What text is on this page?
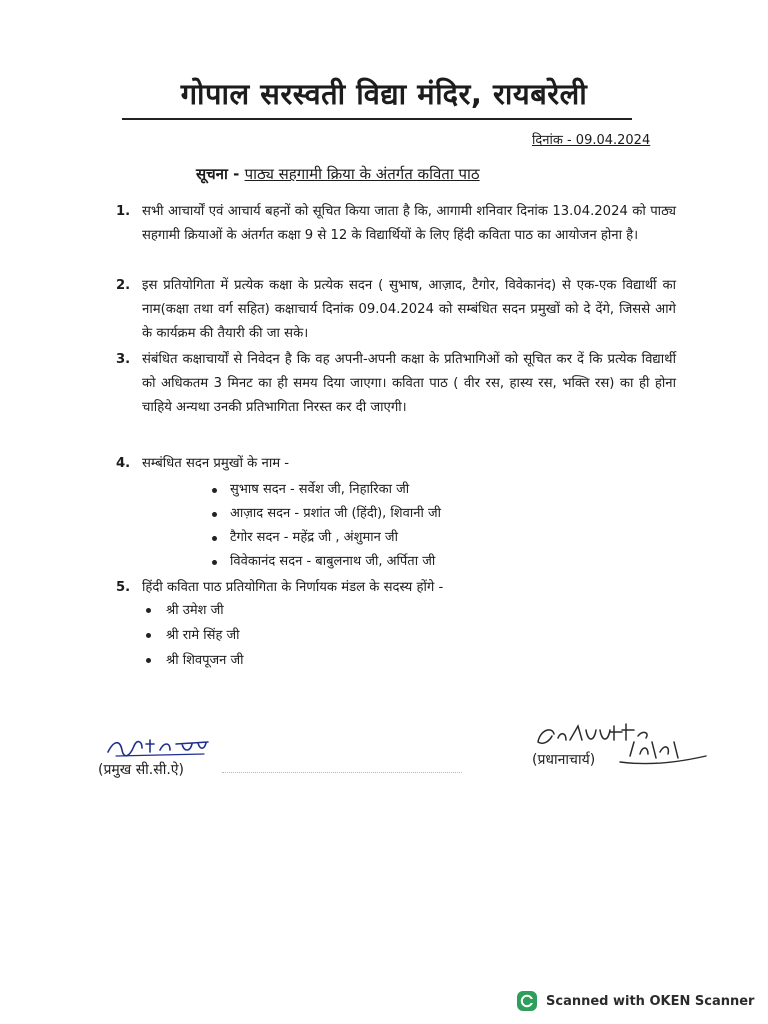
गोपाल सरस्वती विद्या मंदिर, रायबरेली
दिनांक - 09.04.2024
सूचना - पाठ्य सहगामी क्रिया के अंतर्गत कविता पाठ
1. सभी आचार्यों एवं आचार्य बहनों को सूचित किया जाता है कि, आगामी शनिवार दिनांक 13.04.2024 को पाठ्य सहगामी क्रियाओं के अंतर्गत कक्षा 9 से 12 के विद्यार्थियों के लिए हिंदी कविता पाठ का आयोजन होना है।
2. इस प्रतियोगिता में प्रत्येक कक्षा के प्रत्येक सदन ( सुभाष, आज़ाद, टैगोर, विवेकानंद) से एक-एक विद्यार्थी का नाम(कक्षा तथा वर्ग सहित) कक्षाचार्य दिनांक 09.04.2024 को सम्बंधित सदन प्रमुखों को दे देंगे, जिससे आगे के कार्यक्रम की तैयारी की जा सके।
3. संबंधित कक्षाचार्यों से निवेदन है कि वह अपनी-अपनी कक्षा के प्रतिभागिओं को सूचित कर दें कि प्रत्येक विद्यार्थी को अधिकतम 3 मिनट का ही समय दिया जाएगा। कविता पाठ ( वीर रस, हास्य रस, भक्ति रस) का ही होना चाहिये अन्यथा उनकी प्रतिभागिता निरस्त कर दी जाएगी।
4. सम्बंधित सदन प्रमुखों के नाम -
सुभाष सदन - सर्वेश जी, निहारिका जी
आज़ाद सदन - प्रशांत जी (हिंदी), शिवानी जी
टैगोर सदन - महेंद्र जी , अंशुमान जी
विवेकानंद सदन - बाबुलनाथ जी, अर्पिता जी
5. हिंदी कविता पाठ प्रतियोगिता के निर्णायक मंडल के सदस्य होंगे -
श्री उमेश जी
श्री रामे सिंह जी
श्री शिवपूजन जी
(प्रमुख सी.सी.ऐ)
(प्रधानाचार्य)
Scanned with OKEN Scanner
